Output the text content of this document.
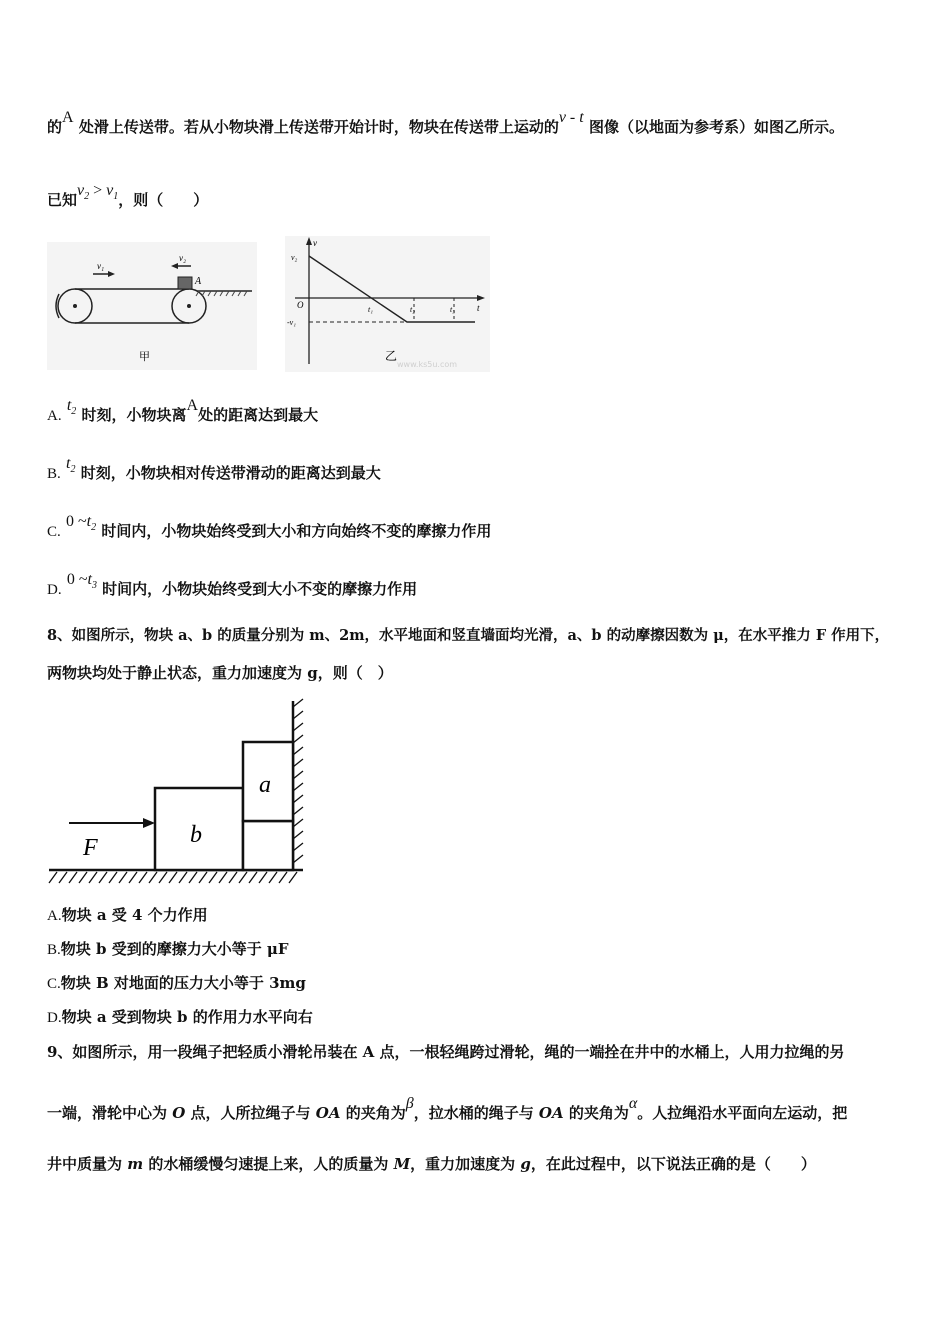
的A 处滑上传送带。若从小物块滑上传送带开始计时，物块在传送带上运动的v - t 图像（以地面为参考系）如图乙所示。
已知$v_2 > v_1$，则（　　）
v₁
v₂
A
甲
v
t
O
v₂
-v₁
t₁	t₂	t₃
乙
www.ks5u.com
A. $t_2$ 时刻，小物块离A处的距离达到最大
B. $t_2$ 时刻，小物块相对传送带滑动的距离达到最大
C. 0 $\sim t_2$ 时间内，小物块始终受到大小和方向始终不变的摩擦力作用
D. 0 $\sim t_3$ 时间内，小物块始终受到大小不变的摩擦力作用
8、如图所示，物块 a、b 的质量分别为 m、2m，水平地面和竖直墙面均光滑，a、b 的动摩擦因数为 μ，在水平推力 F 作用下，
两物块均处于静止状态，重力加速度为 g，则（　）
F	b
a
A.物块 a 受 4 个力作用
B.物块 b 受到的摩擦力大小等于 μF
C.物块 B 对地面的压力大小等于 3mg
D.物块 a 受到物块 b 的作用力水平向右
9、如图所示，用一段绳子把轻质小滑轮吊装在 A 点，一根轻绳跨过滑轮，绳的一端拴在井中的水桶上，人用力拉绳的另
一端，滑轮中心为 O 点，人所拉绳子与 OA 的夹角为β，拉水桶的绳子与 OA 的夹角为α。人拉绳沿水平面向左运动，把
井中质量为 m 的水桶缓慢匀速提上来，人的质量为 M，重力加速度为 g，在此过程中，以下说法正确的是（　　）
